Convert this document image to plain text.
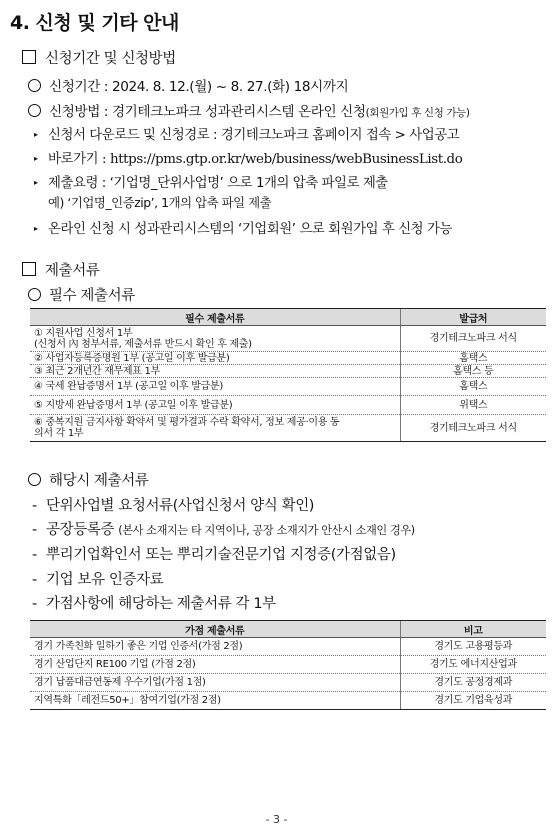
4. 신청 및 기타 안내
신청기간 및 신청방법
신청기간 : 2024. 8. 12.(월) ~ 8. 27.(화) 18시까지
신청방법 : 경기테크노파크 성과관리시스템 온라인 신청(회원가입 후 신청 가능)
▸ 신청서 다운로드 및 신청경로 : 경기테크노파크 홈페이지 접속 > 사업공고
▸ 바로가기 : https://pms.gtp.or.kr/web/business/webBusinessList.do
▸ 제출요령 : ‘기업명_단위사업명’ 으로 1개의 압축 파일로 제출
예) ‘기업명_인증zip’, 1개의 압축 파일 제출
▸ 온라인 신청 시 성과관리시스템의 ‘기업회원’ 으로 회원가입 후 신청 가능
제출서류
필수 제출서류
필수 제출서류	발급처

① 지원사업 신청서 1부
(신청서 內 첨부서류, 제출서류 반드시 확인 후 제출)	경기테크노파크 서식
② 사업자등록증명원 1부 (공고일 이후 발급분)	홈택스
③ 최근 2개년간 재무제표 1부	홈택스 등
④ 국세 완납증명서 1부 (공고일 이후 발급분)	홈택스
⑤ 지방세 완납증명서 1부 (공고일 이후 발급분)	위택스

⑥ 중복지원 금지사항 확약서 및 평가결과 수락 확약서, 정보 제공·이용 동
의서 각 1부	경기테크노파크 서식
해당시 제출서류
- 단위사업별 요청서류(사업신청서 양식 확인)
- 공장등록증 (본사 소재지는 타 지역이나, 공장 소재지가 안산시 소재인 경우)
- 뿌리기업확인서 또는 뿌리기술전문기업 지정증(가점없음)
- 기업 보유 인증자료
- 가점사항에 해당하는 제출서류 각 1부
가점 제출서류	비고
경기 가족친화 일하기 좋은 기업 인증서(가점 2점)	경기도 고용평등과
경기 산업단지 RE100 기업 (가점 2점)	경기도 에너지산업과
경기 납품대금연동제 우수기업(가점 1점)	경기도 공정경제과
지역특화「레전드50+」참여기업(가점 2점)	경기도 기업육성과
- 3 -
